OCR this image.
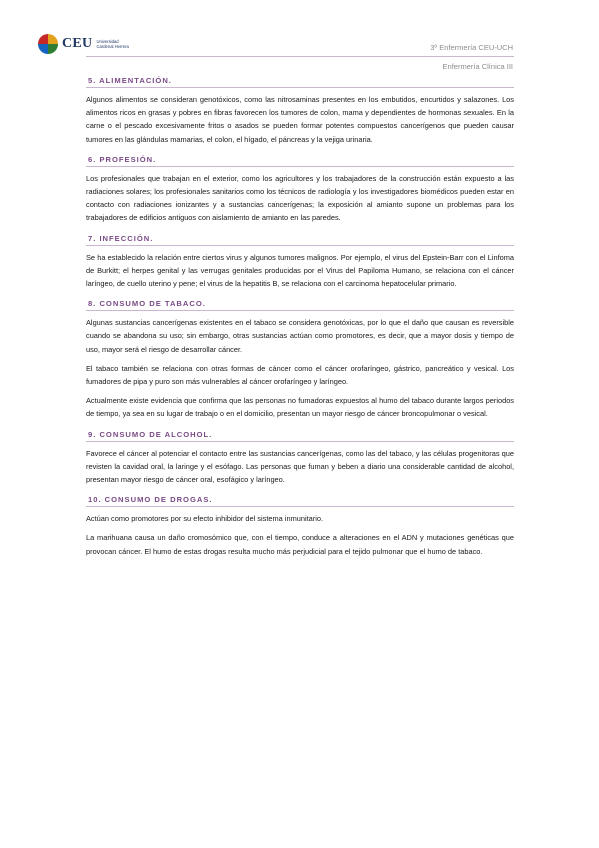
CEU Universidad
Cardenal Herrera	3º Enfermería CEU-UCH
Enfermería Clínica III
5. ALIMENTACIÓN.

Algunos alimentos se consideran genotóxicos, como las nitrosaminas presentes en los embutidos, encurtidos y salazones. Los alimentos ricos en grasas y pobres en fibras favorecen los tumores de colon, mama y dependientes de hormonas sexuales. En la carne o el pescado excesivamente fritos o asados se pueden formar potentes compuestos cancerígenos que pueden causar tumores en las glándulas mamarias, el colon, el hígado, el páncreas y la vejiga urinaria.

6. PROFESIÓN.

Los profesionales que trabajan en el exterior, como los agricultores y los trabajadores de la construcción están expuesto a las radiaciones solares; los profesionales sanitarios como los técnicos de radiología y los investigadores biomédicos pueden estar en contacto con radiaciones ionizantes y a sustancias cancerígenas; la exposición al amianto supone un problemas para los trabajadores de edificios antiguos con aislamiento de amianto en las paredes.

7. INFECCIÓN.

Se ha establecido la relación entre ciertos virus y algunos tumores malignos. Por ejemplo, el virus del Epstein-Barr con el Linfoma de Burkitt; el herpes genital y las verrugas genitales producidas por el Virus del Papiloma Humano, se relaciona con el cáncer laríngeo, de cuello uterino y pene; el virus de la hepatitis B, se relaciona con el carcinoma hepatocelular primario.

8. CONSUMO DE TABACO.

Algunas sustancias cancerígenas existentes en el tabaco se considera genotóxicas, por lo que el daño que causan es reversible cuando se abandona su uso; sin embargo, otras sustancias actúan como promotores, es decir, que a mayor dosis y tiempo de uso, mayor será el riesgo de desarrollar cáncer.

El tabaco también se relaciona con otras formas de cáncer como el cáncer orofaríngeo, gástrico, pancreático y vesical. Los fumadores de pipa y puro son más vulnerables al cáncer orofaríngeo y laríngeo.

Actualmente existe evidencia que confirma que las personas no fumadoras expuestos al humo del tabaco durante largos periodos de tiempo, ya sea en su lugar de trabajo o en el domicilio, presentan un mayor riesgo de cáncer broncopulmonar o vesical.

9. CONSUMO DE ALCOHOL.

Favorece el cáncer al potenciar el contacto entre las sustancias cancerígenas, como las del tabaco, y las células progenitoras que revisten la cavidad oral, la laringe y el esófago. Las personas que fuman y beben a diario una considerable cantidad de alcohol, presentan mayor riesgo de cáncer oral, esofágico y laríngeo.

10. CONSUMO DE DROGAS.

Actúan como promotores por su efecto inhibidor del sistema inmunitario.

La marihuana causa un daño cromosómico que, con el tiempo, conduce a alteraciones en el ADN y mutaciones genéticas que provocan cáncer. El humo de estas drogas resulta mucho más perjudicial para el tejido pulmonar que el humo de tabaco.
